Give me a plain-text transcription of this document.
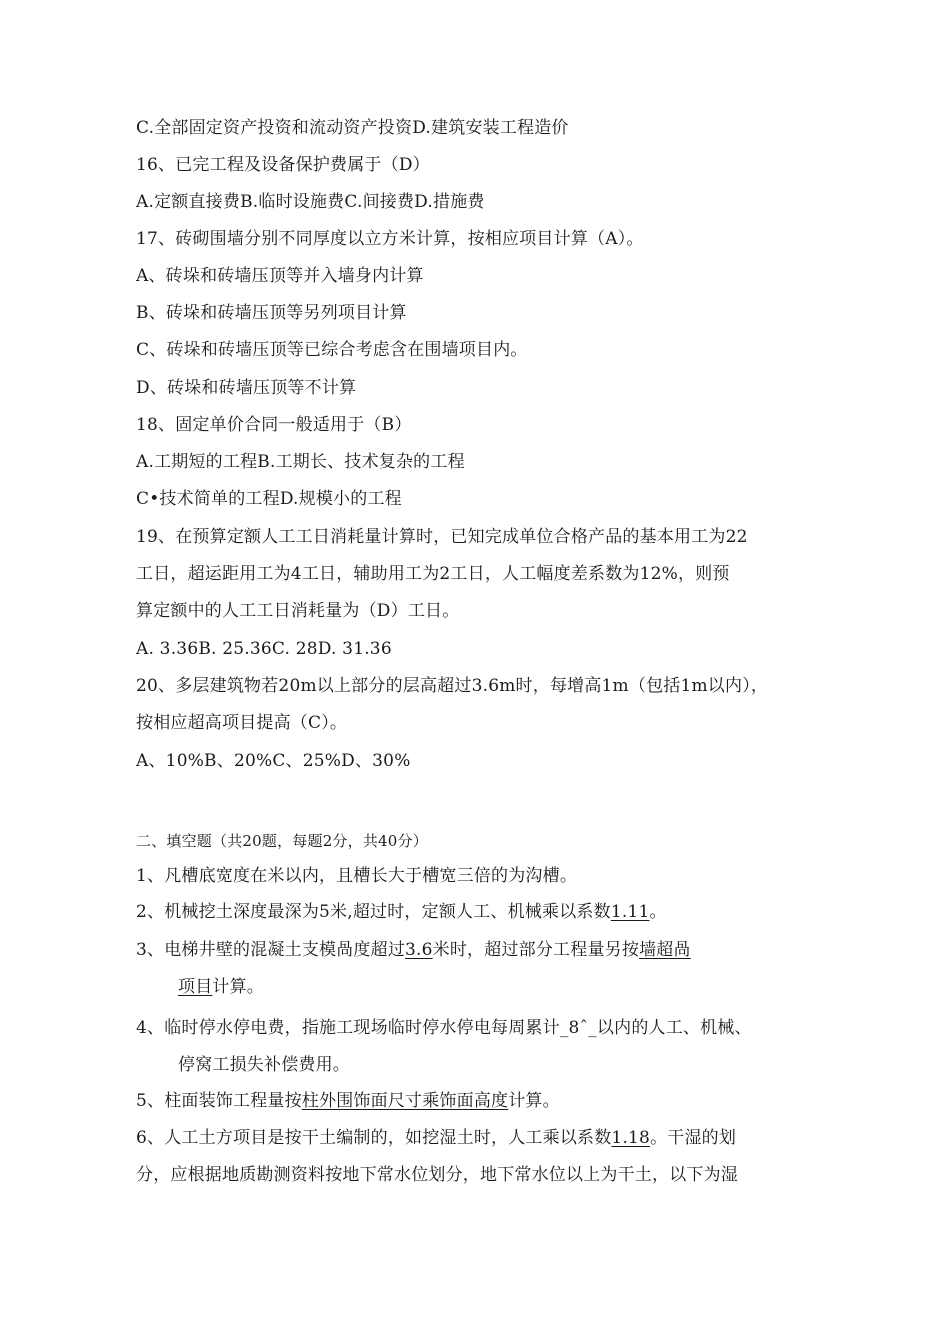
C.全部固定资产投资和流动资产投资D.建筑安装工程造价
16、已完工程及设备保护费属于（D）
A.定额直接费B.临时设施费C.间接费D.措施费
17、砖砌围墙分别不同厚度以立方米计算，按相应项目计算（A）。
A、砖垛和砖墙压顶等并入墙身内计算
B、砖垛和砖墙压顶等另列项目计算
C、砖垛和砖墙压顶等已综合考虑含在围墙项目内。
D、砖垛和砖墙压顶等不计算
18、固定单价合同一般适用于（B）
A.工期短的工程B.工期长、技术复杂的工程
C•技术简单的工程D.规模小的工程
19、在预算定额人工工日消耗量计算时，已知完成单位合格产品的基本用工为22
工日，超运距用工为4工日，辅助用工为2工日，人工幅度差系数为12%，则预
算定额中的人工工日消耗量为（D）工日。
A. 3.36B. 25.36C. 28D. 31.36
20、多层建筑物若20m以上部分的层高超过3.6m时，每增高1m（包括1m以内），
按相应超高项目提高（C）。
A、10%B、20%C、25%D、30%
二、填空题（共20题，每题2分，共40分）
1、凡槽底宽度在米以内，且槽长大于槽宽三倍的为沟槽。
2、机械挖土深度最深为5米,超过时，定额人工、机械乘以系数1.11。
3、电梯井壁的混凝土支模咼度超过3.6米时，超过部分工程量另按墙超咼
项目计算。
4、临时停水停电费，指施工现场临时停水停电每周累计_8ˆ_以内的人工、机械、
停窝工损失补偿费用。
5、柱面装饰工程量按柱外围饰面尺寸乘饰面高度计算。
6、人工土方项目是按干土编制的，如挖湿土时，人工乘以系数1.18。干湿的划
分，应根据地质勘测资料按地下常水位划分，地下常水位以上为干土，以下为湿
